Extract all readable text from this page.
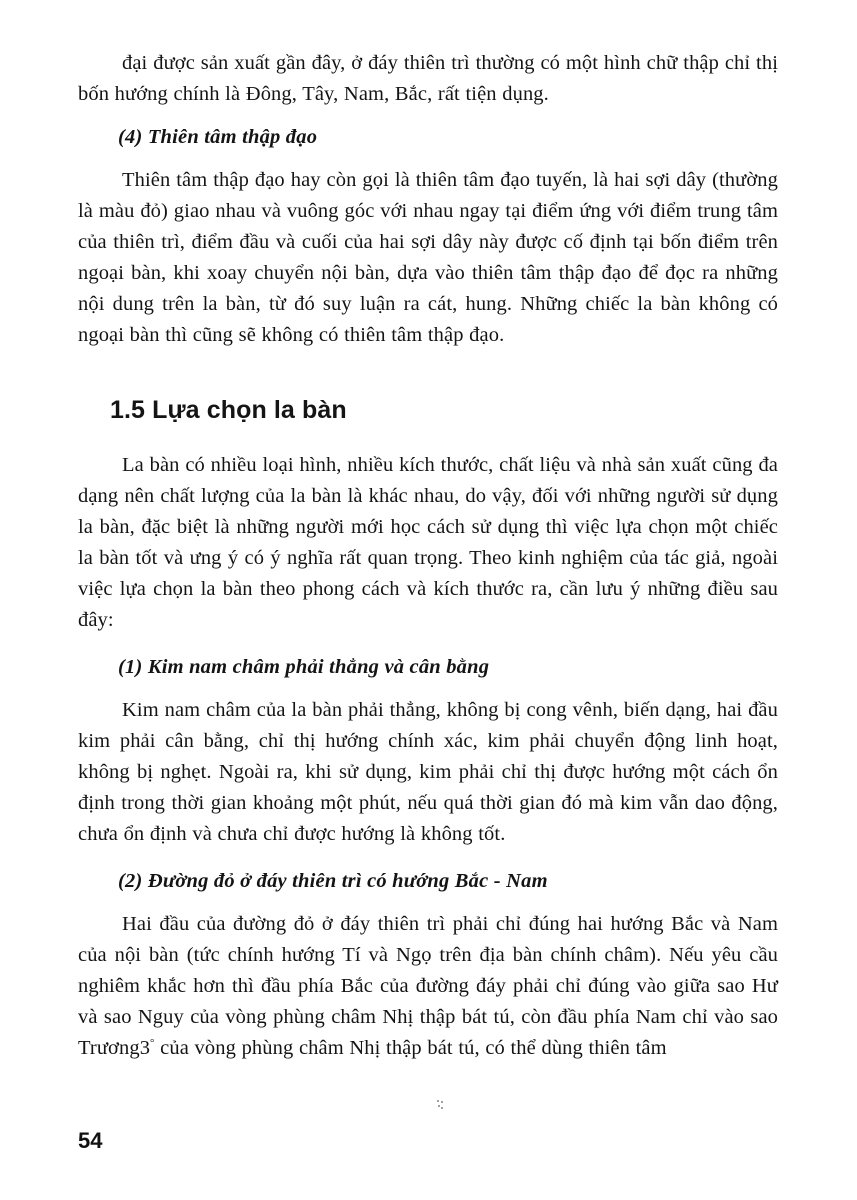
đại được sản xuất gần đây, ở đáy thiên trì thường có một hình chữ thập chỉ thị bốn hướng chính là Đông, Tây, Nam, Bắc, rất tiện dụng.

(4) Thiên tâm thập đạo

Thiên tâm thập đạo hay còn gọi là thiên tâm đạo tuyến, là hai sợi dây (thường là màu đỏ) giao nhau và vuông góc với nhau ngay tại điểm ứng với điểm trung tâm của thiên trì, điểm đầu và cuối của hai sợi dây này được cố định tại bốn điểm trên ngoại bàn, khi xoay chuyển nội bàn, dựa vào thiên tâm thập đạo để đọc ra những nội dung trên la bàn, từ đó suy luận ra cát, hung. Những chiếc la bàn không có ngoại bàn thì cũng sẽ không có thiên tâm thập đạo.

1.5 Lựa chọn la bàn

La bàn có nhiều loại hình, nhiều kích thước, chất liệu và nhà sản xuất cũng đa dạng nên chất lượng của la bàn là khác nhau, do vậy, đối với những người sử dụng la bàn, đặc biệt là những người mới học cách sử dụng thì việc lựa chọn một chiếc la bàn tốt và ưng ý có ý nghĩa rất quan trọng. Theo kinh nghiệm của tác giả, ngoài việc lựa chọn la bàn theo phong cách và kích thước ra, cần lưu ý những điều sau đây:

(1) Kim nam châm phải thẳng và cân bằng

Kim nam châm của la bàn phải thẳng, không bị cong vênh, biến dạng, hai đầu kim phải cân bằng, chỉ thị hướng chính xác, kim phải chuyển động linh hoạt, không bị nghẹt. Ngoài ra, khi sử dụng, kim phải chỉ thị được hướng một cách ổn định trong thời gian khoảng một phút, nếu quá thời gian đó mà kim vẫn dao động, chưa ổn định và chưa chỉ được hướng là không tốt.

(2) Đường đỏ ở đáy thiên trì có hướng Bắc - Nam

Hai đầu của đường đỏ ở đáy thiên trì phải chỉ đúng hai hướng Bắc và Nam của nội bàn (tức chính hướng Tí và Ngọ trên địa bàn chính châm). Nếu yêu cầu nghiêm khắc hơn thì đầu phía Bắc của đường đáy phải chỉ đúng vào giữa sao Hư và sao Nguy của vòng phùng châm Nhị thập bát tú, còn đầu phía Nam chỉ vào sao Trương3° của vòng phùng châm Nhị thập bát tú, có thể dùng thiên tâm

54
